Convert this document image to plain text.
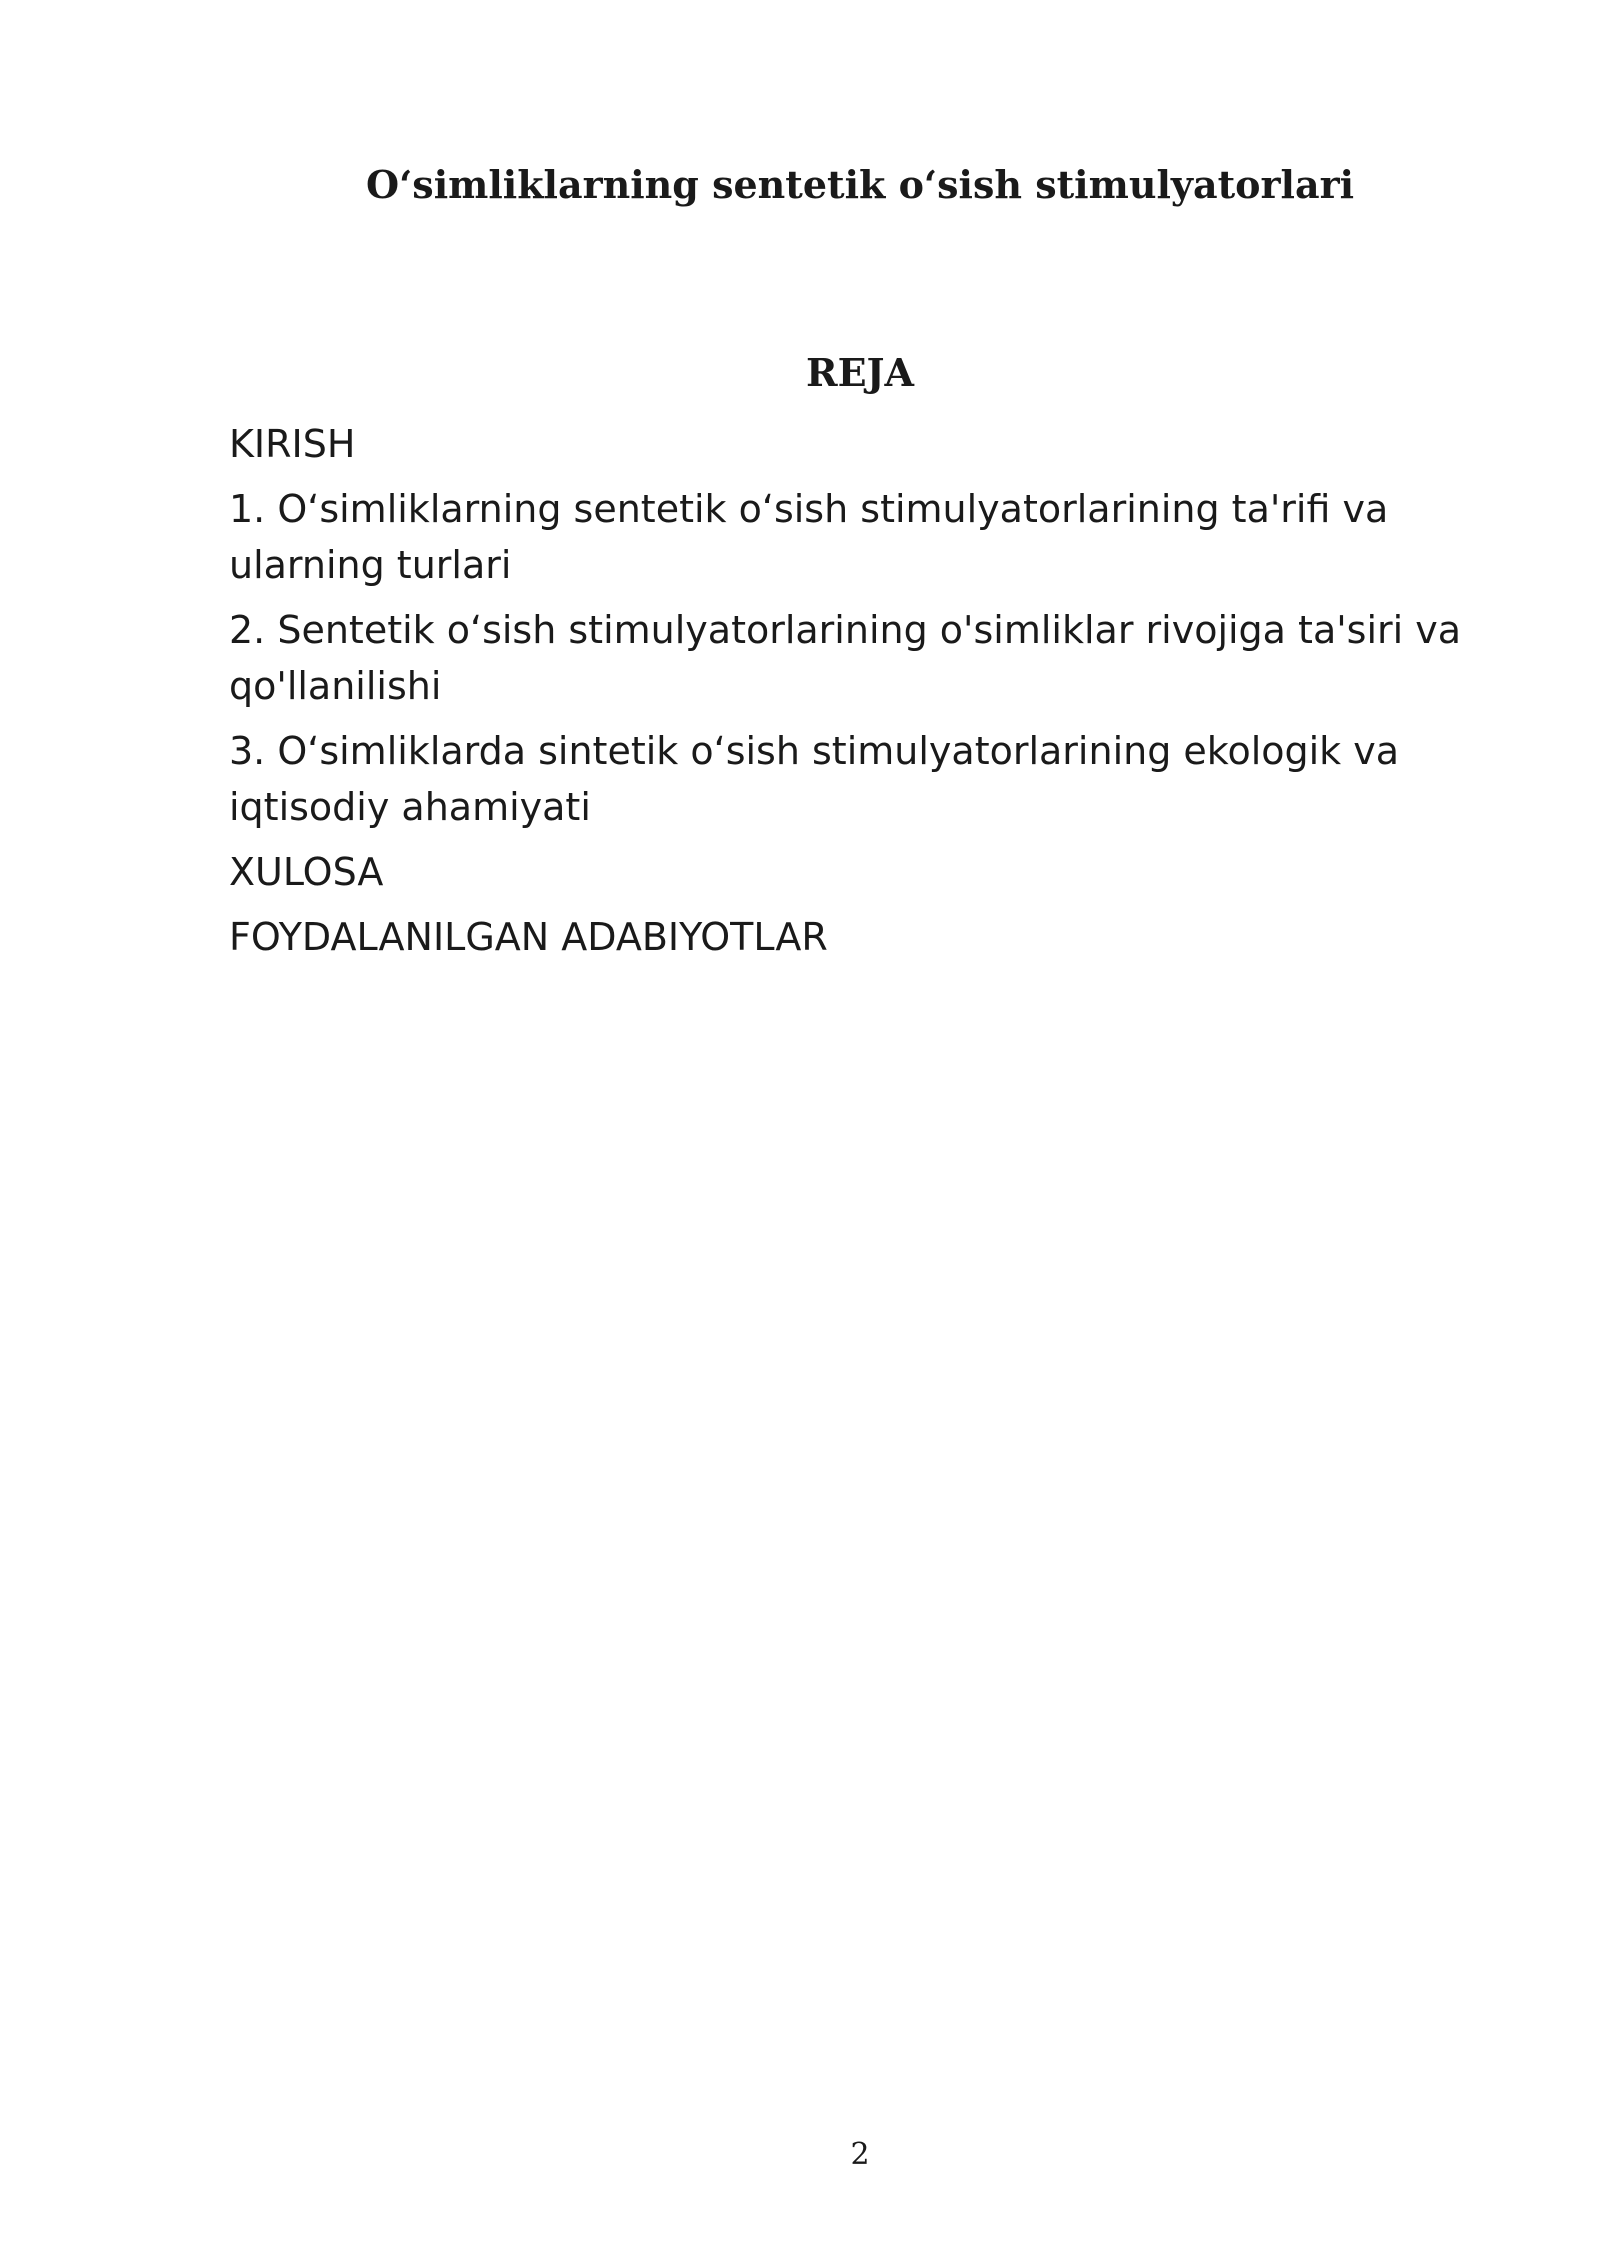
O‘simliklarning sentetik o‘sish stimulyatorlari
REJA
KIRISH
1. O‘simliklarning sentetik o‘sish stimulyatorlarining ta'rifi va ularning turlari
2. Sentetik o‘sish stimulyatorlarining o'simliklar rivojiga ta'siri va qo'llanilishi
3. O‘simliklarda sintetik o‘sish stimulyatorlarining ekologik va iqtisodiy ahamiyati
XULOSA
FOYDALANILGAN ADABIYOTLAR
2
